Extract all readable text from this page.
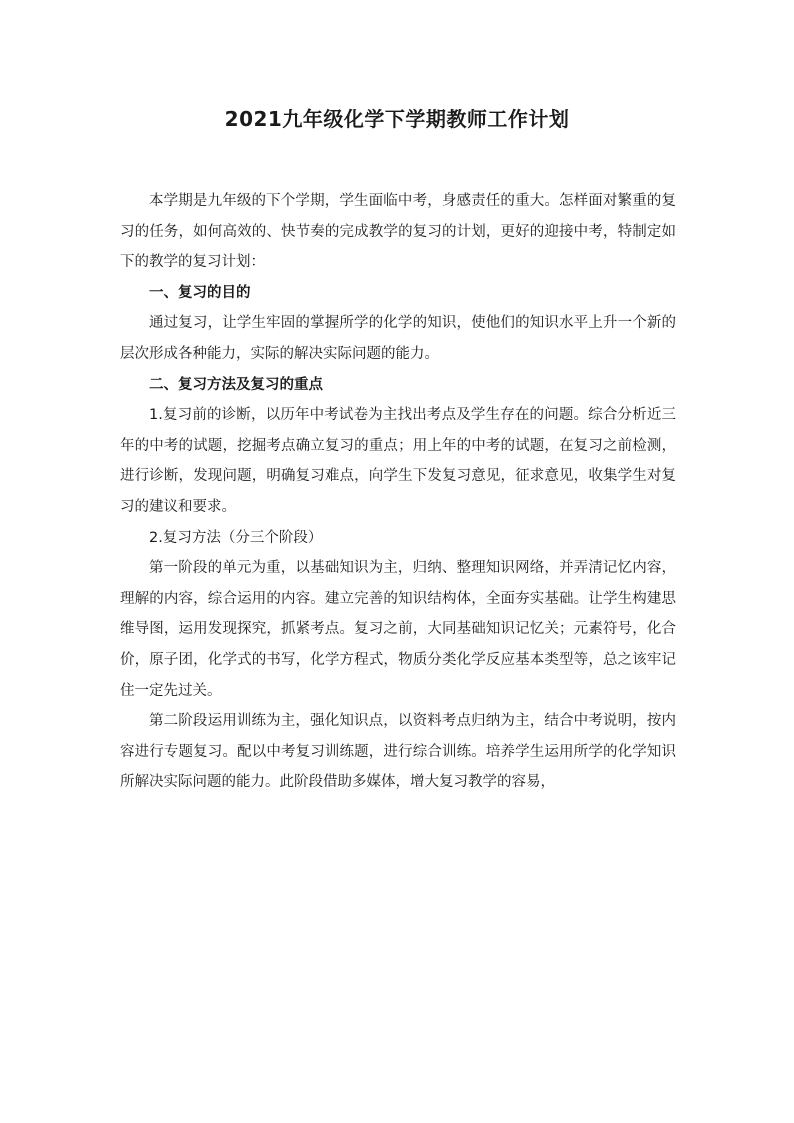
2021九年级化学下学期教师工作计划

本学期是九年级的下个学期，学生面临中考，身感责任的重大。怎样面对繁重的复习的任务，如何高效的、快节奏的完成教学的复习的计划，更好的迎接中考，特制定如下的教学的复习计划：

一、复习的目的

通过复习，让学生牢固的掌握所学的化学的知识，使他们的知识水平上升一个新的层次形成各种能力，实际的解决实际问题的能力。

二、复习方法及复习的重点

1.复习前的诊断，以历年中考试卷为主找出考点及学生存在的问题。综合分析近三年的中考的试题，挖掘考点确立复习的重点；用上年的中考的试题，在复习之前检测，进行诊断，发现问题，明确复习难点，向学生下发复习意见，征求意见，收集学生对复习的建议和要求。

2.复习方法（分三个阶段）

第一阶段的单元为重，以基础知识为主，归纳、整理知识网络，并弄清记忆内容，理解的内容，综合运用的内容。建立完善的知识结构体，全面夯实基础。让学生构建思维导图，运用发现探究，抓紧考点。复习之前，大同基础知识记忆关；元素符号，化合价，原子团，化学式的书写，化学方程式，物质分类化学反应基本类型等，总之该牢记住一定先过关。

第二阶段运用训练为主，强化知识点，以资料考点归纳为主，结合中考说明，按内容进行专题复习。配以中考复习训练题，进行综合训练。培养学生运用所学的化学知识所解决实际问题的能力。此阶段借助多媒体，增大复习教学的容易，
